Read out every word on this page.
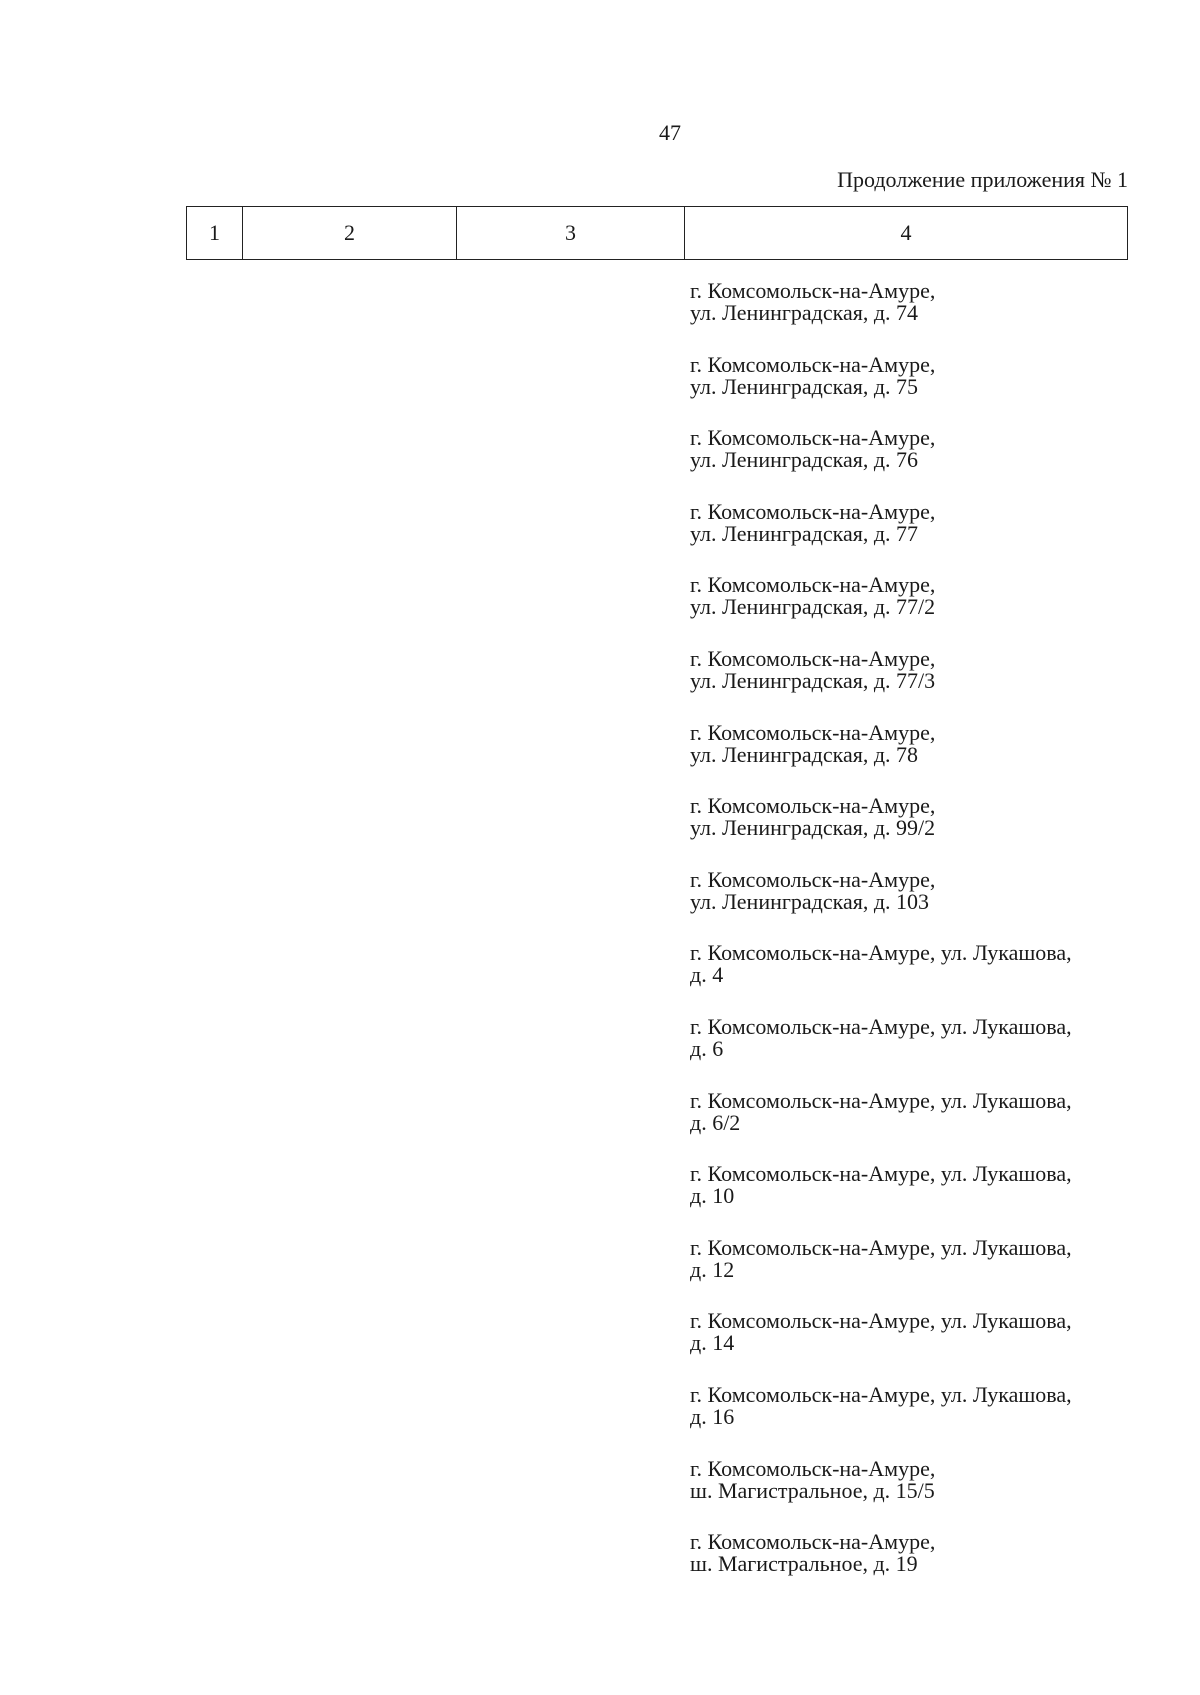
47
Продолжение приложения № 1
1	2	3	4
г. Комсомольск-на-Амуре,
ул. Ленинградская, д. 74
г. Комсомольск-на-Амуре,
ул. Ленинградская, д. 75
г. Комсомольск-на-Амуре,
ул. Ленинградская, д. 76
г. Комсомольск-на-Амуре,
ул. Ленинградская, д. 77
г. Комсомольск-на-Амуре,
ул. Ленинградская, д. 77/2
г. Комсомольск-на-Амуре,
ул. Ленинградская, д. 77/3
г. Комсомольск-на-Амуре,
ул. Ленинградская, д. 78
г. Комсомольск-на-Амуре,
ул. Ленинградская, д. 99/2
г. Комсомольск-на-Амуре,
ул. Ленинградская, д. 103
г. Комсомольск-на-Амуре, ул. Лукашова,
д. 4
г. Комсомольск-на-Амуре, ул. Лукашова,
д. 6
г. Комсомольск-на-Амуре, ул. Лукашова,
д. 6/2
г. Комсомольск-на-Амуре, ул. Лукашова,
д. 10
г. Комсомольск-на-Амуре, ул. Лукашова,
д. 12
г. Комсомольск-на-Амуре, ул. Лукашова,
д. 14
г. Комсомольск-на-Амуре, ул. Лукашова,
д. 16
г. Комсомольск-на-Амуре,
ш. Магистральное, д. 15/5
г. Комсомольск-на-Амуре,
ш. Магистральное, д. 19
